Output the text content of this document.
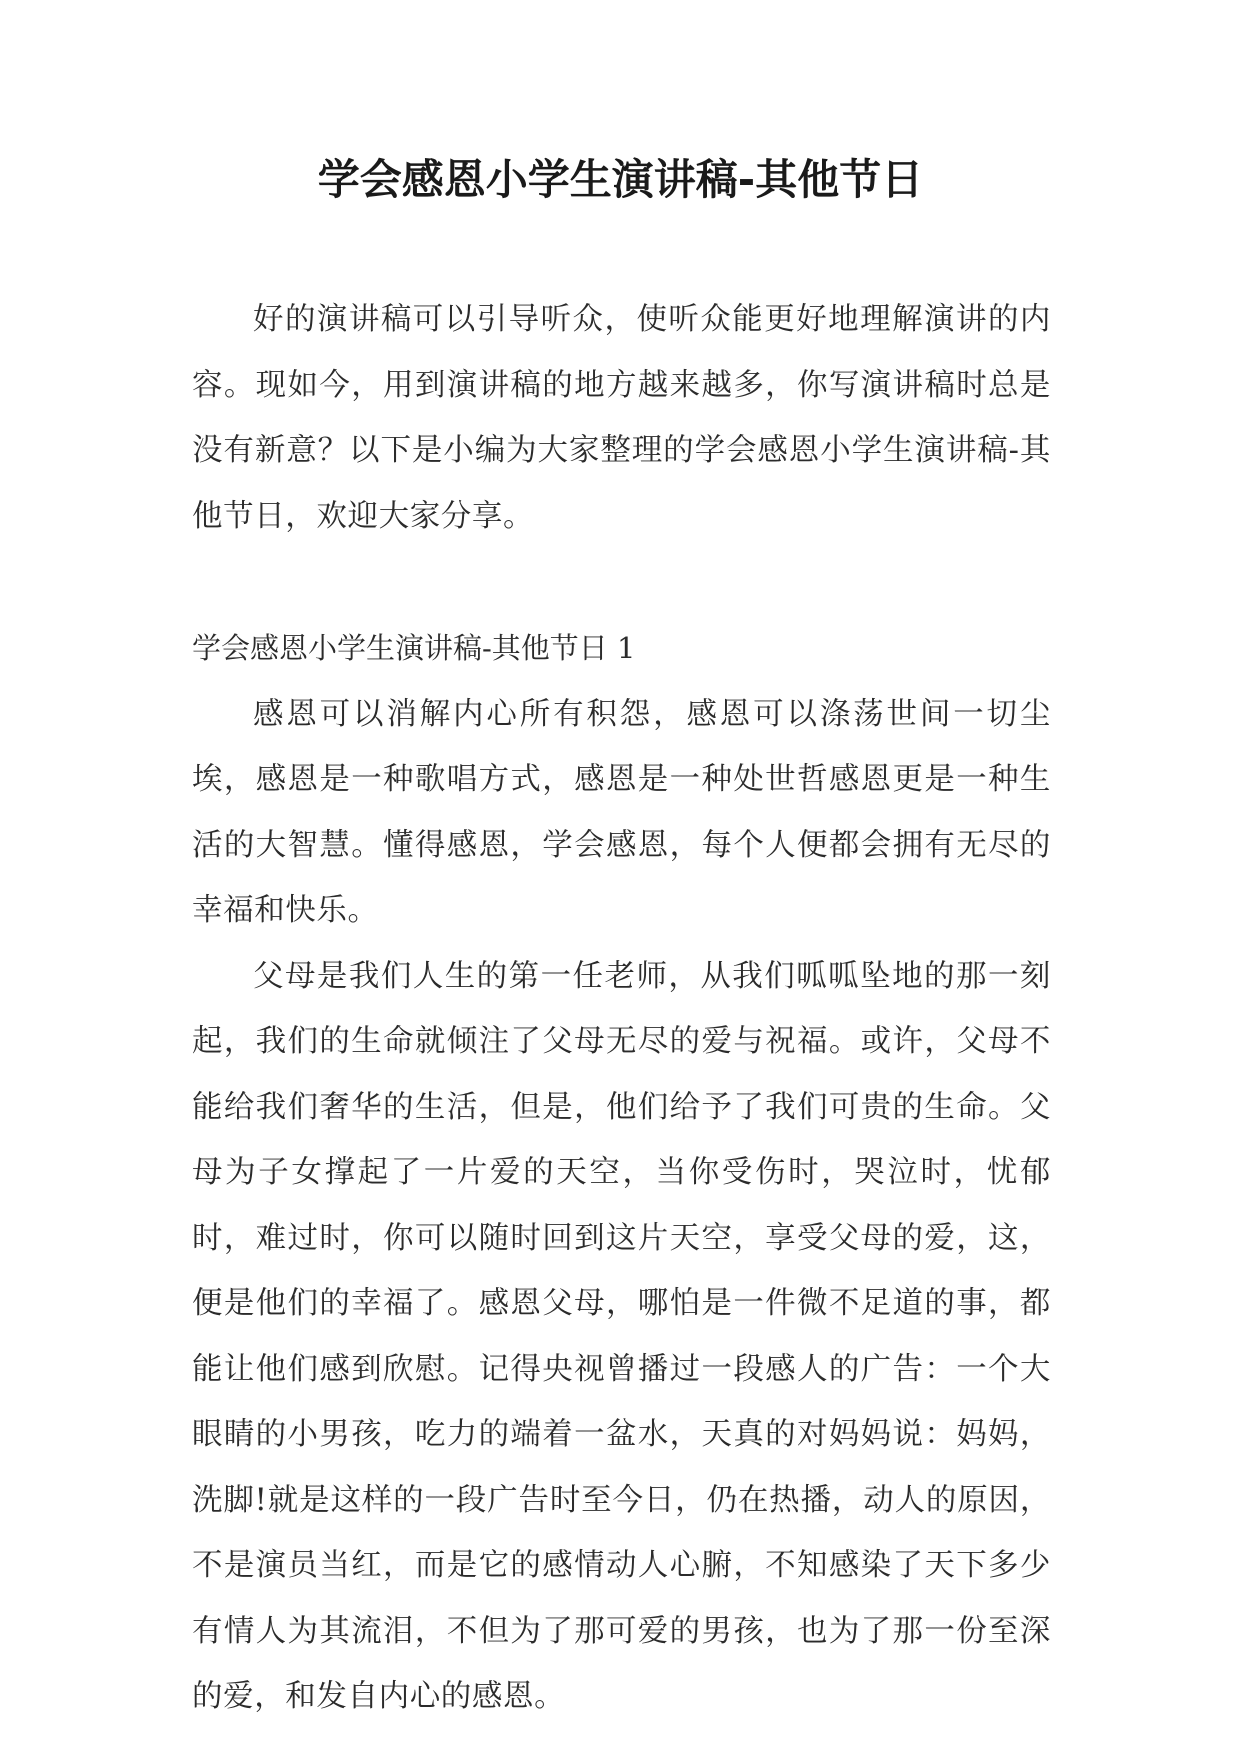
学会感恩小学生演讲稿-其他节日

好的演讲稿可以引导听众，使听众能更好地理解演讲的内容。现如今，用到演讲稿的地方越来越多，你写演讲稿时总是没有新意？以下是小编为大家整理的学会感恩小学生演讲稿-其他节日，欢迎大家分享。

学会感恩小学生演讲稿-其他节日 1

感恩可以消解内心所有积怨，感恩可以涤荡世间一切尘埃，感恩是一种歌唱方式，感恩是一种处世哲感恩更是一种生活的大智慧。懂得感恩，学会感恩，每个人便都会拥有无尽的幸福和快乐。

父母是我们人生的第一任老师，从我们呱呱坠地的那一刻起，我们的生命就倾注了父母无尽的爱与祝福。或许，父母不能给我们奢华的生活，但是，他们给予了我们可贵的生命。父母为子女撑起了一片爱的天空，当你受伤时，哭泣时，忧郁时，难过时，你可以随时回到这片天空，享受父母的爱，这，便是他们的幸福了。感恩父母，哪怕是一件微不足道的事，都能让他们感到欣慰。记得央视曾播过一段感人的广告：一个大眼睛的小男孩，吃力的端着一盆水，天真的对妈妈说：妈妈，洗脚!就是这样的一段广告时至今日，仍在热播，动人的原因，不是演员当红，而是它的感情动人心腑，不知感染了天下多少有情人为其流泪，不但为了那可爱的男孩，也为了那一份至深的爱，和发自内心的感恩。
